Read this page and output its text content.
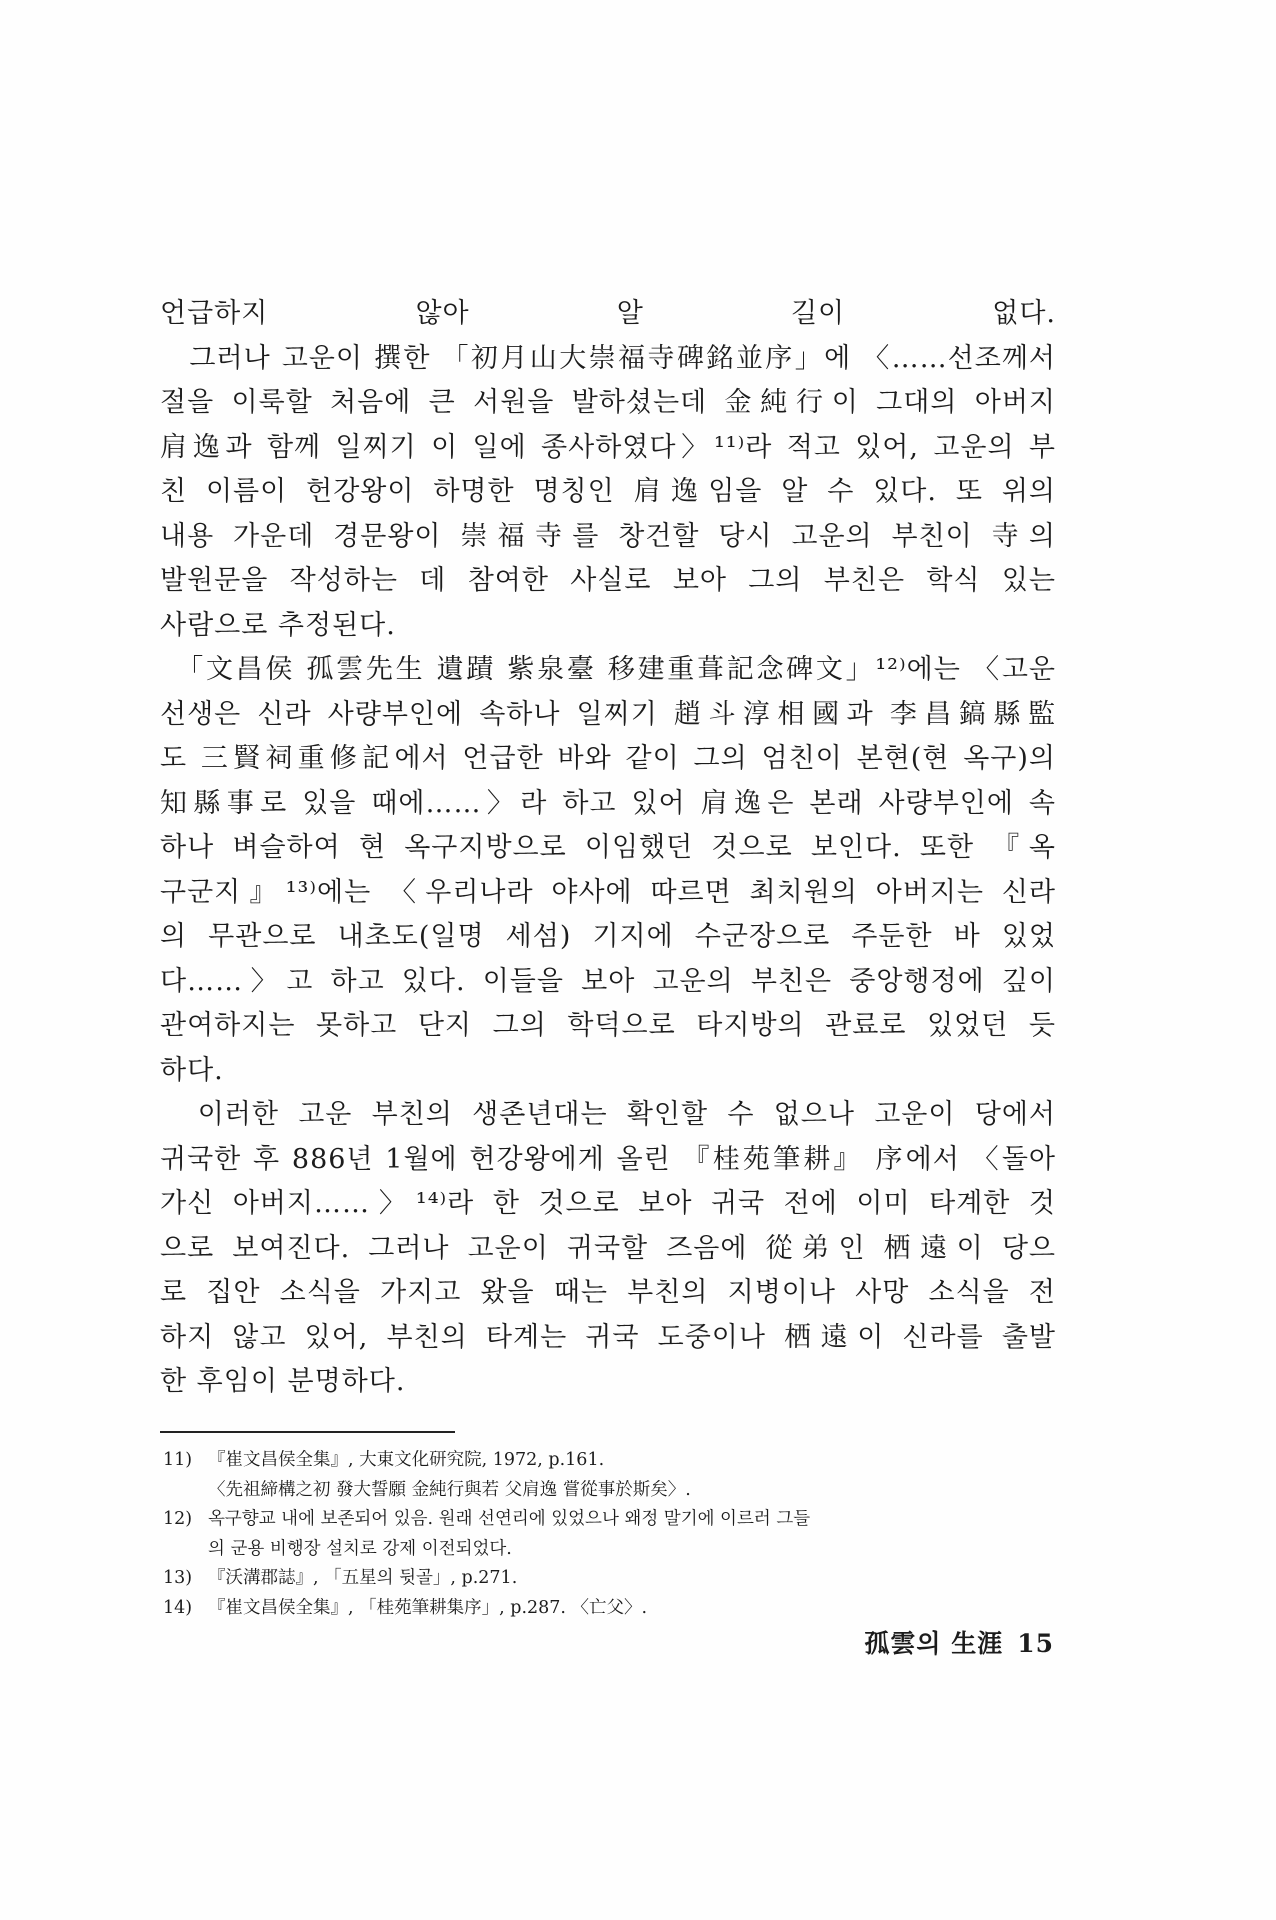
언급하지 않아 알 길이 없다.
　그러나 고운이 撰한 「初月山大崇福寺碑銘並序」에 〈……선조께서
절을 이룩할 처음에 큰 서원을 발하셨는데 金純行이 그대의 아버지
肩逸과 함께 일찌기 이 일에 종사하였다〉¹¹⁾라 적고 있어, 고운의 부
친 이름이 헌강왕이 하명한 명칭인 肩逸임을 알 수 있다. 또 위의
내용 가운데 경문왕이 崇福寺를 창건할 당시 고운의 부친이 寺의
발원문을 작성하는 데 참여한 사실로 보아 그의 부친은 학식 있는
사람으로 추정된다.
　「文昌侯 孤雲先生 遺蹟 紫泉臺 移建重葺記念碑文」¹²⁾에는 〈고운
선생은 신라 사량부인에 속하나 일찌기 趙斗淳相國과 李昌鎬縣監
도 三賢祠重修記에서 언급한 바와 같이 그의 엄친이 본현(현 옥구)의
知縣事로 있을 때에……〉라 하고 있어 肩逸은 본래 사량부인에 속
하나 벼슬하여 현 옥구지방으로 이임했던 것으로 보인다. 또한 『옥
구군지』¹³⁾에는 〈우리나라 야사에 따르면 최치원의 아버지는 신라
의 무관으로 내초도(일명 세섬) 기지에 수군장으로 주둔한 바 있었
다……〉고 하고 있다. 이들을 보아 고운의 부친은 중앙행정에 깊이
관여하지는 못하고 단지 그의 학덕으로 타지방의 관료로 있었던 듯
하다.
　이러한 고운 부친의 생존년대는 확인할 수 없으나 고운이 당에서
귀국한 후 886년 1월에 헌강왕에게 올린 『桂苑筆耕』 序에서 〈돌아
가신 아버지……〉¹⁴⁾라 한 것으로 보아 귀국 전에 이미 타계한 것
으로 보여진다. 그러나 고운이 귀국할 즈음에 從弟인 栖遠이 당으
로 집안 소식을 가지고 왔을 때는 부친의 지병이나 사망 소식을 전
하지 않고 있어, 부친의 타계는 귀국 도중이나 栖遠이 신라를 출발
한 후임이 분명하다.
11) 『崔文昌侯全集』, 大東文化研究院, 1972, p.161.
〈先祖締構之初 發大誓願 金純行與若 父肩逸 嘗從事於斯矣〉.
12) 옥구향교 내에 보존되어 있음. 원래 선연리에 있었으나 왜정 말기에 이르러 그들
의 군용 비행장 설치로 강제 이전되었다.
13) 『沃溝郡誌』, 「五星의 뒷골」, p.271.
14) 『崔文昌侯全集』, 「桂苑筆耕集序」, p.287. 〈亡父〉.
孤雲의 生涯 15
